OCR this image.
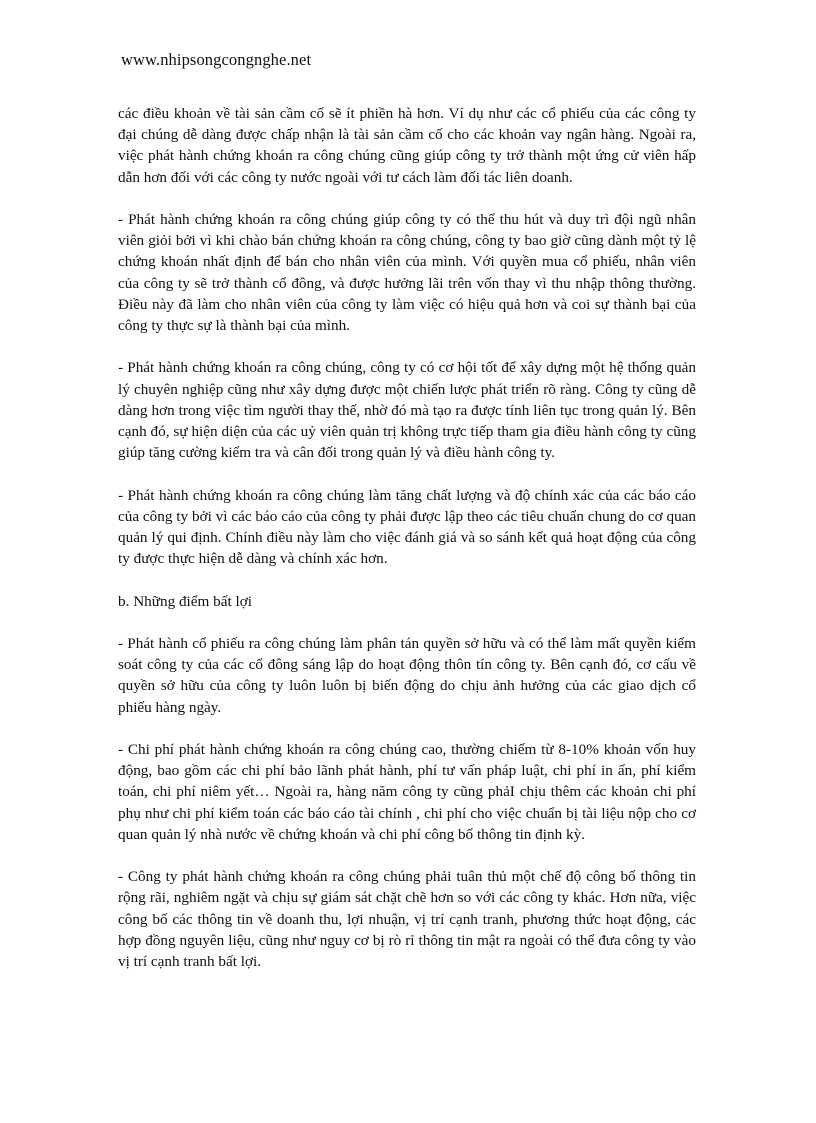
www.nhipsongcongnghe.net

các điều khoản về tài sản cầm cố sẽ ít phiền hà hơn. Ví dụ như các cổ phiếu của các công ty đại chúng dễ dàng được chấp nhận là tài sản cầm cố cho các khoản vay ngân hàng. Ngoài ra, việc phát hành chứng khoán ra công chúng cũng giúp công ty trở thành một ứng cử viên hấp dẫn hơn đối với các công ty nước ngoài với tư cách làm đối tác liên doanh.

- Phát hành chứng khoán ra công chúng giúp công ty có thể thu hút và duy trì đội ngũ nhân viên giỏi bởi vì khi chào bán chứng khoán ra công chúng, công ty bao giờ cũng dành một tỷ lệ chứng khoán nhất định để bán cho nhân viên của mình. Với quyền mua cổ phiếu, nhân viên của công ty sẽ trở thành cổ đông, và được hưởng lãi trên vốn thay vì thu nhập thông thường. Điều này đã làm cho nhân viên của công ty làm việc có hiệu quả hơn và coi sự thành bại của công ty thực sự là thành bại của mình.

- Phát hành chứng khoán ra công chúng, công ty có cơ hội tốt để xây dựng một hệ thống quản lý chuyên nghiệp cũng như xây dựng được một chiến lược phát triển rõ ràng. Công ty cũng dễ dàng hơn trong việc tìm người thay thế, nhờ đó mà tạo ra được tính liên tục trong quản lý. Bên cạnh đó, sự hiện diện của các uỷ viên quản trị không trực tiếp tham gia điều hành công ty cũng giúp tăng cường kiểm tra và cân đối trong quản lý và điều hành công ty.

- Phát hành chứng khoán ra công chúng làm tăng chất lượng và độ chính xác của các báo cáo của công ty bởi vì các báo cáo của công ty phải được lập theo các tiêu chuẩn chung do cơ quan quản lý qui định. Chính điều này làm cho việc đánh giá và so sánh kết quả hoạt động của công ty được thực hiện dễ dàng và chính xác hơn.

b. Những điểm bất lợi

- Phát hành cổ phiếu ra công chúng làm phân tán quyền sở hữu và có thể làm mất quyền kiểm soát công ty của các cổ đông sáng lập do hoạt động thôn tín công ty. Bên cạnh đó, cơ cấu về quyền sở hữu của công ty luôn luôn bị biến động do chịu ảnh hưởng của các giao dịch cổ phiếu hàng ngày.

- Chi phí phát hành chứng khoán ra công chúng cao, thường chiếm từ 8-10% khoản vốn huy động, bao gồm các chi phí bảo lãnh phát hành, phí tư vấn pháp luật, chi phí in ấn, phí kiểm toán, chi phí niêm yết… Ngoài ra, hàng năm công ty cũng phảI chịu thêm các khoản chi phí phụ như chi phí kiểm toán các báo cáo tài chính , chi phí cho việc chuẩn bị tài liệu nộp cho cơ quan quản lý nhà nước về chứng khoán và chi phí công bố thông tin định kỳ.

- Công ty phát hành chứng khoán ra công chúng phải tuân thủ một chế độ công bố thông tin rộng rãi, nghiêm ngặt và chịu sự giám sát chặt chẽ hơn so với các công ty khác. Hơn nữa, việc công bố các thông tin về doanh thu, lợi nhuận, vị trí cạnh tranh, phương thức hoạt động, các hợp đồng nguyên liệu, cũng như nguy cơ bị rò rỉ thông tin mật ra ngoài có thể đưa công ty vào vị trí cạnh tranh bất lợi.
